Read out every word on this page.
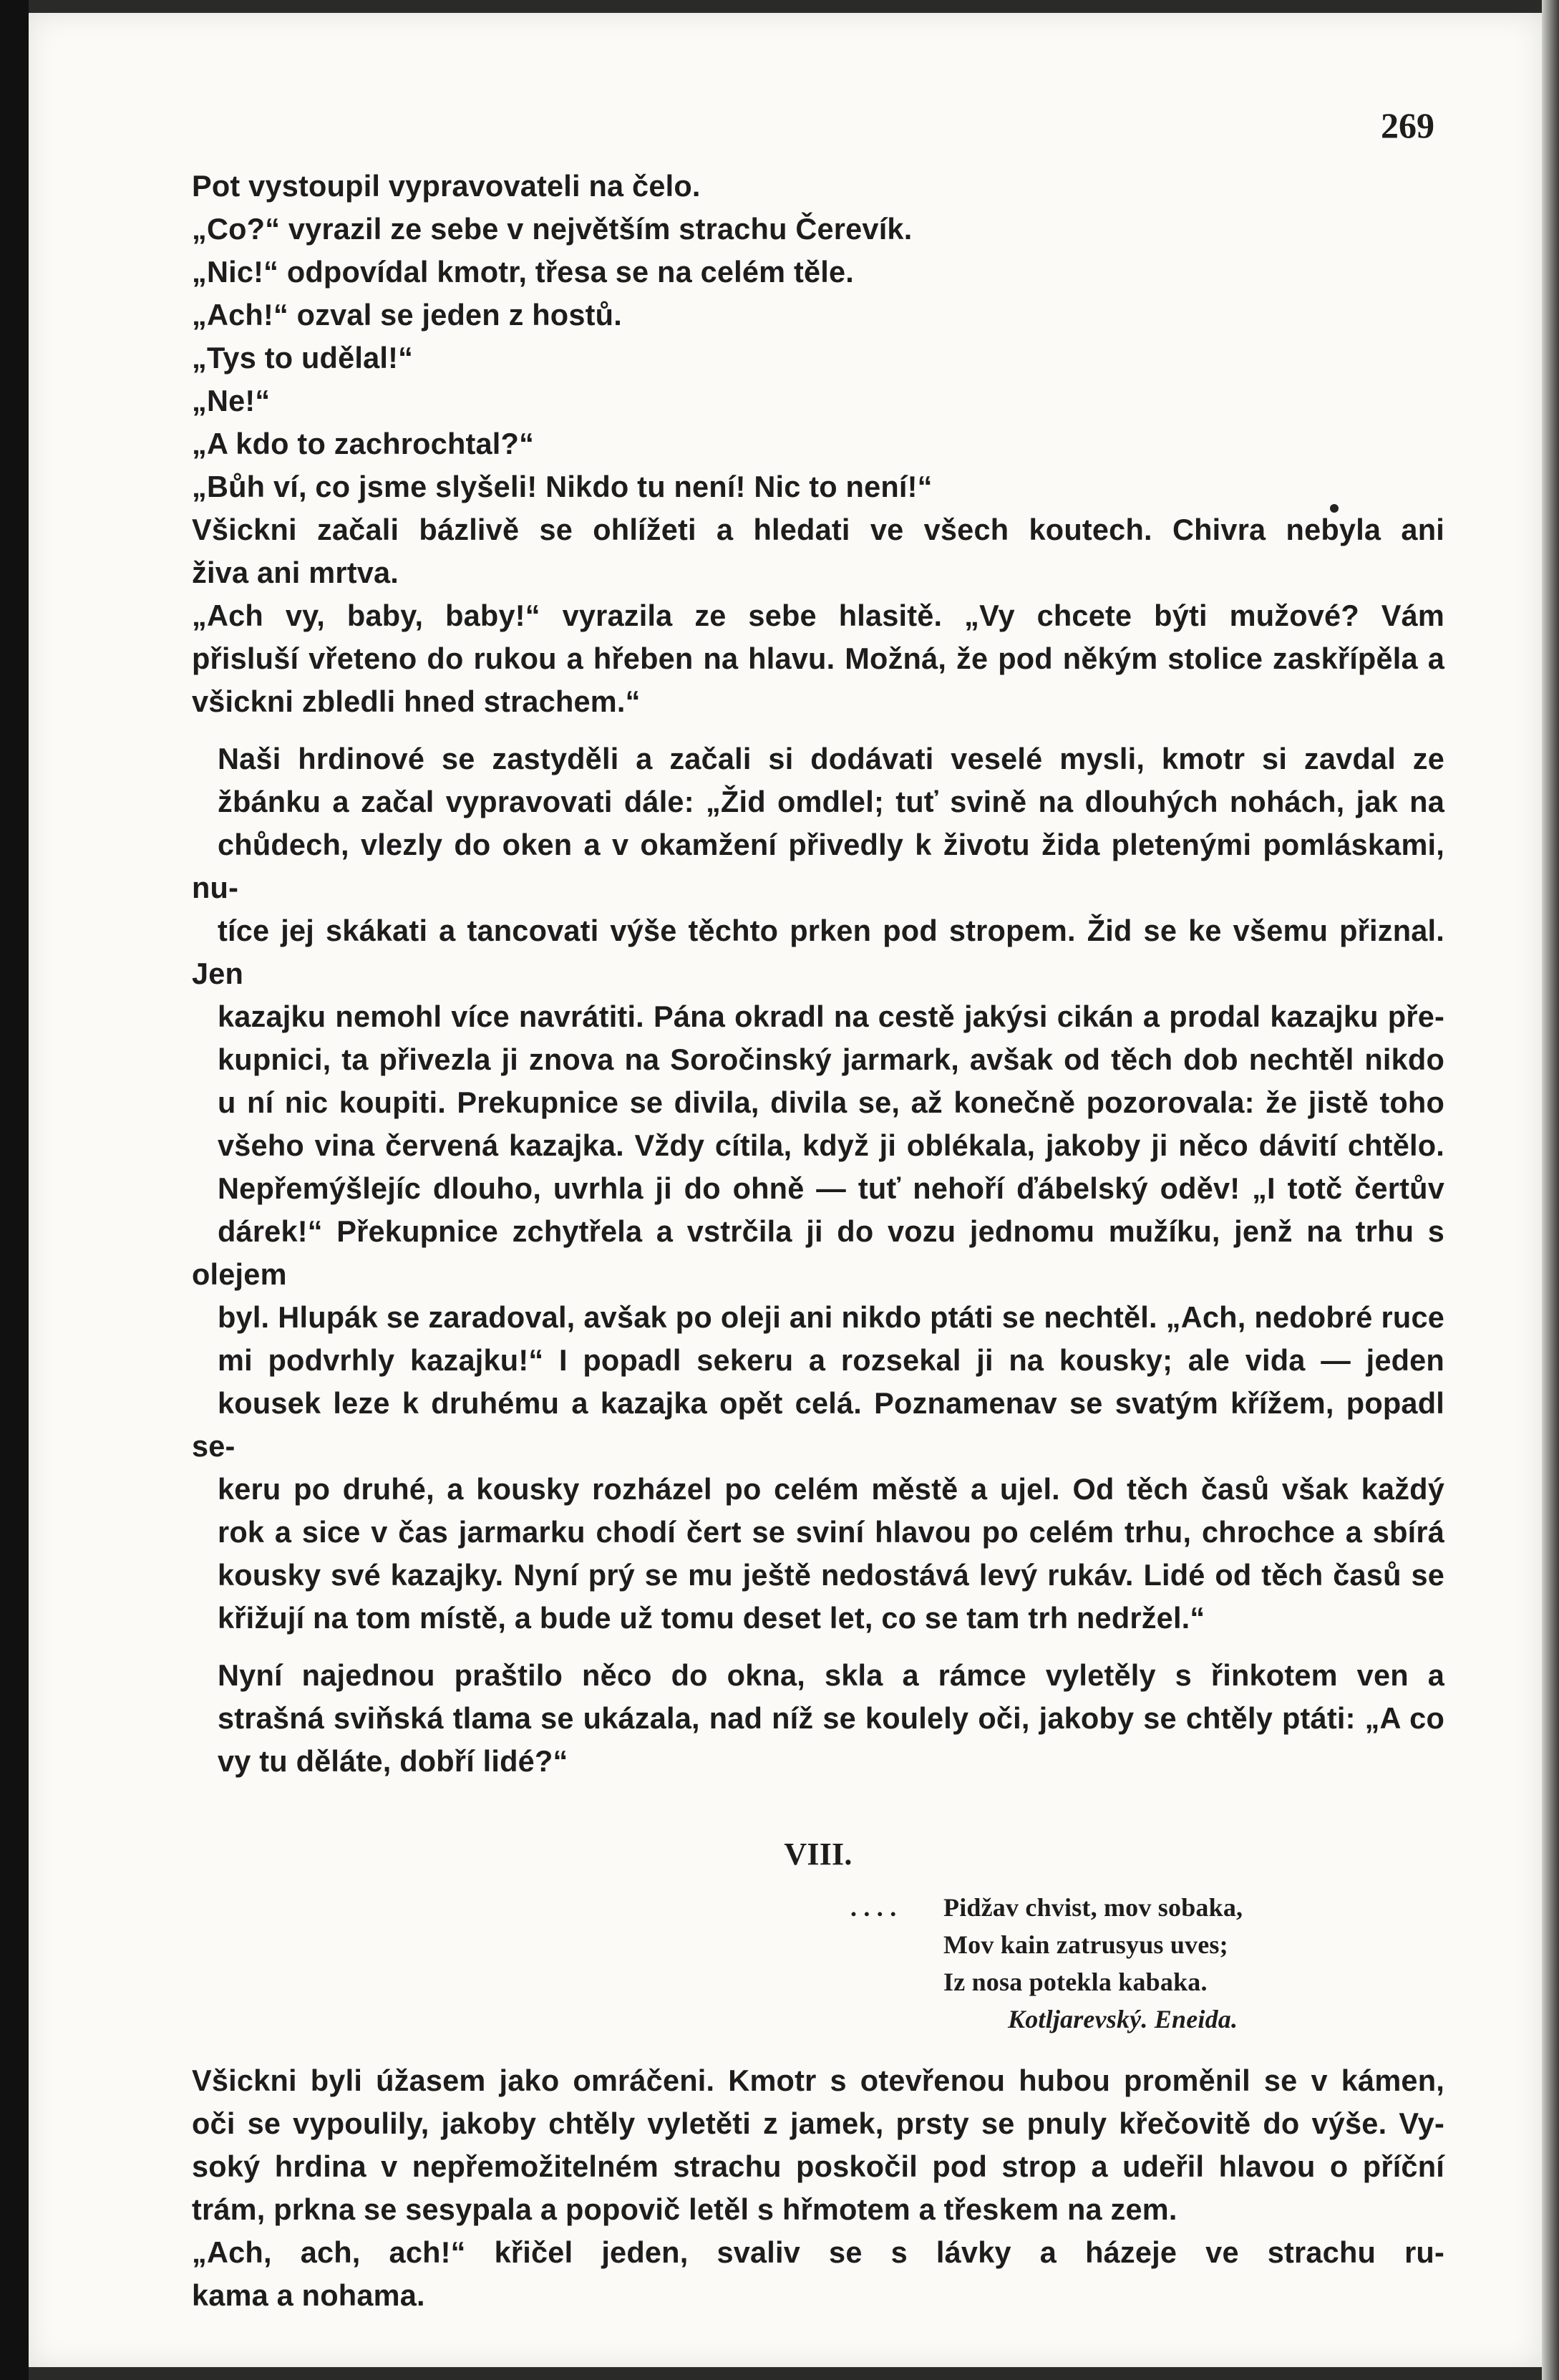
269
Pot vystoupil vypravovateli na čelo.
„Co?“ vyrazil ze sebe v největším strachu Čerevík.
„Nic!“ odpovídal kmotr, třesa se na celém těle.
„Ach!“ ozval se jeden z hostů.
„Tys to udělal!“
„Ne!“
„A kdo to zachrochtal?“
„Bůh ví, co jsme slyšeli! Nikdo tu není! Nic to není!“
Všickni začali bázlivě se ohlížeti a hledati ve všech koutech. Chivra nebyla ani
živa ani mrtva.
„Ach vy, baby, baby!“ vyrazila ze sebe hlasitě. „Vy chcete býti mužové? Vám
přisluší vřeteno do rukou a hřeben na hlavu. Možná, že pod někým stolice zaskřípěla a
všickni zbledli hned strachem.“
Naši hrdinové se zastyděli a začali si dodávati veselé mysli, kmotr si zavdal ze
žbánku a začal vypravovati dále: „Žid omdlel; tuť svině na dlouhých nohách, jak na
chůdech, vlezly do oken a v okamžení přivedly k životu žida pletenými pomláskami, nu-
tíce jej skákati a tancovati výše těchto prken pod stropem. Žid se ke všemu přiznal. Jen
kazajku nemohl více navrátiti. Pána okradl na cestě jakýsi cikán a prodal kazajku pře-
kupnici, ta přivezla ji znova na Soročinský jarmark, avšak od těch dob nechtěl nikdo
u ní nic koupiti. Prekupnice se divila, divila se, až konečně pozorovala: že jistě toho
všeho vina červená kazajka. Vždy cítila, když ji oblékala, jakoby ji něco dávití chtělo.
Nepřemýšlejíc dlouho, uvrhla ji do ohně — tuť nehoří ďábelský oděv! „I totč čertův
dárek!“ Překupnice zchytřela a vstrčila ji do vozu jednomu mužíku, jenž na trhu s olejem
byl. Hlupák se zaradoval, avšak po oleji ani nikdo ptáti se nechtěl. „Ach, nedobré ruce
mi podvrhly kazajku!“ I popadl sekeru a rozsekal ji na kousky; ale vida — jeden
kousek leze k druhému a kazajka opět celá. Poznamenav se svatým křížem, popadl se-
keru po druhé, a kousky rozházel po celém městě a ujel. Od těch časů však každý
rok a sice v čas jarmarku chodí čert se sviní hlavou po celém trhu, chrochce a sbírá
kousky své kazajky. Nyní prý se mu ještě nedostává levý rukáv. Lidé od těch časů se
křižují na tom místě, a bude už tomu deset let, co se tam trh nedržel.“
Nyní najednou praštilo něco do okna, skla a rámce vyletěly s řinkotem ven a
strašná sviňská tlama se ukázala, nad níž se koulely oči, jakoby se chtěly ptáti: „A co
vy tu děláte, dobří lidé?“
VIII.
. . . . Pidžav chvist, mov sobaka,
Mov kain zatrusyus uves;
Iz nosa potekla kabaka.
Kotljarevský. Eneida.
Všickni byli úžasem jako omráčeni. Kmotr s otevřenou hubou proměnil se v kámen,
oči se vypoulily, jakoby chtěly vyletěti z jamek, prsty se pnuly křečovitě do výše. Vy-
soký hrdina v nepřemožitelném strachu poskočil pod strop a udeřil hlavou o příční
trám, prkna se sesypala a popovič letěl s hřmotem a třeskem na zem.
„Ach, ach, ach!“ křičel jeden, svaliv se s lávky a házeje ve strachu ru-
kama a nohama.
